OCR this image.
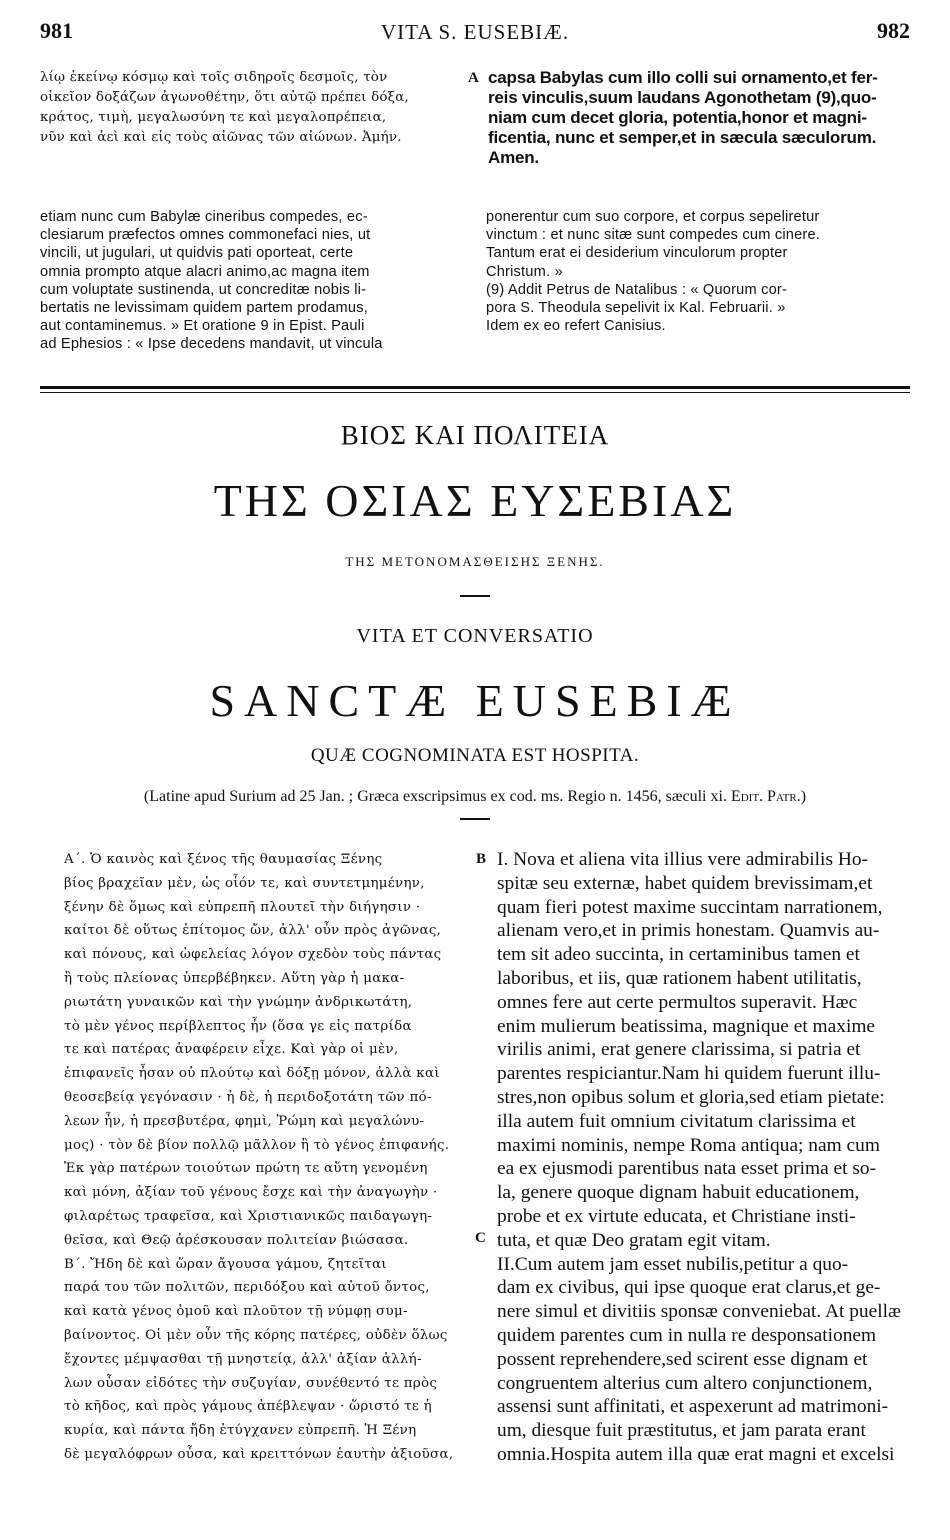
981	VITA S. EUSEBIÆ.	982
λίῳ ἐκείνῳ κόσμῳ καὶ τοῖς σιδηροῖς δεσμοῖς, τὸν
οἰκεῖον δοξάζων ἀγωνοθέτην, ὅτι αὐτῷ πρέπει δόξα,
κράτος, τιμὴ, μεγαλωσύνη τε καὶ μεγαλοπρέπεια,
νῦν καὶ ἀεὶ καὶ εἰς τοὺς αἰῶνας τῶν αἰώνων. Ἀμήν.
capsa Babylas cum illo colli sui ornamento,et fer-
reis vinculis,suum laudans Agonothetam (9),quo-
niam cum decet gloria, potentia,honor et magni-
ficentia, nunc et semper,et in sæcula sæculorum.
Amen.
etiam nunc cum Babylæ cineribus compedes, ec-
clesiarum præfectos omnes commonefaci nies, ut
vincili, ut jugulari, ut quidvis pati oporteat, certe
omnia prompto atque alacri animo,ac magna item
cum voluptate sustinenda, ut concreditæ nobis li-
bertatis ne levissimam quidem partem prodamus,
aut contaminemus. » Et oratione 9 in Epist. Pauli
ad Ephesios : « Ipse decedens mandavit, ut vincula
ponerentur cum suo corpore, et corpus sepeliretur
vinctum : et nunc sitæ sunt compedes cum cinere.
Tantum erat ei desiderium vinculorum propter
Christum. »
(9) Addit Petrus de Natalibus : « Quorum cor-
pora S. Theodula sepelivit ix Kal. Februarii. »
Idem ex eo refert Canisius.
ΒΙΟΣ ΚΑΙ ΠΟΛΙΤΕΙΑ
ΤΗΣ ΟΣΙΑΣ ΕΥΣΕΒΙΑΣ
ΤΗΣ ΜΕΤΟΝΟΜΑΣΘΕΙΣΗΣ ΞΕΝΗΣ.
VITA ET CONVERSATIO
SANCTÆ EUSEBIÆ
QUÆ COGNOMINATA EST HOSPITA.
(Latine apud Surium ad 25 Jan. ; Græca exscripsimus ex cod. ms. Regio n. 1456, sæculi xi. Edit. Patr.)
Α΄. Ὁ καινὸς καὶ ξένος τῆς θαυμασίας Ξένης
βίος βραχεῖαν μὲν, ὡς οἷόν τε, καὶ συντετμημένην,
ξένην δὲ ὅμως καὶ εὐπρεπῆ πλουτεῖ τὴν διήγησιν ·
καίτοι δὲ οὕτως ἐπίτομος ὤν, ἀλλ' οὖν πρὸς ἀγῶνας,
καὶ πόνους, καὶ ὠφελείας λόγον σχεδὸν τοὺς πάντας
ἢ τοὺς πλείονας ὑπερβέβηκεν. Αὕτη γὰρ ἡ μακα-
ριωτάτη γυναικῶν καὶ τὴν γνώμην ἀνδρικωτάτη,
τὸ μὲν γένος περίβλεπτος ἦν (ὅσα γε εἰς πατρίδα
τε καὶ πατέρας ἀναφέρειν εἶχε. Καὶ γὰρ οἱ μὲν,
ἐπιφανεῖς ἦσαν οὐ πλούτῳ καὶ δόξῃ μόνον, ἀλλὰ καὶ
θεοσεβείᾳ γεγόνασιν · ἡ δὲ, ἡ περιδοξοτάτη τῶν πό-
λεων ἦν, ἡ πρεσβυτέρα, φημὶ, Ῥώμη καὶ μεγαλώνυ-
μος) · τὸν δὲ βίον πολλῷ μᾶλλον ἢ τὸ γένος ἐπιφανής.
Ἐκ γὰρ πατέρων τοιούτων πρώτη τε αὕτη γενομένη
καὶ μόνη, ἀξίαν τοῦ γένους ἔσχε καὶ τὴν ἀναγωγὴν ·
φιλαρέτως τραφεῖσα, καὶ Χριστιανικῶς παιδαγωγη-
θεῖσα, καὶ Θεῷ ἀρέσκουσαν πολιτείαν βιώσασα.
Β΄. Ἤδη δὲ καὶ ὥραν ἄγουσα γάμου, ζητεῖται
παρά του τῶν πολιτῶν, περιδόξου καὶ αὐτοῦ ὄντος,
καὶ κατὰ γένος ὁμοῦ καὶ πλοῦτον τῇ νύμφῃ συμ-
βαίνοντος. Οἱ μὲν οὖν τῆς κόρης πατέρες, οὐδὲν ὅλως
ἔχοντες μέμψασθαι τῇ μνηστείᾳ, ἀλλ' ἀξίαν ἀλλή-
λων οὖσαν εἰδότες τὴν συζυγίαν, συνέθεντό τε πρὸς
τὸ κῆδος, καὶ πρὸς γάμους ἀπέβλεψαν · ὥριστό τε ἡ
κυρία, καὶ πάντα ἤδη ἐτύγχανεν εὐπρεπῆ. Ἡ Ξένη
δὲ μεγαλόφρων οὖσα, καὶ κρειττόνων ἑαυτὴν ἀξιοῦσα,
I. Nova et aliena vita illius vere admirabilis Ho-
spitæ seu externæ, habet quidem brevissimam,et
quam fieri potest maxime succintam narrationem,
alienam vero,et in primis honestam. Quamvis au-
tem sit adeo succinta, in certaminibus tamen et
laboribus, et iis, quæ rationem habent utilitatis,
omnes fere aut certe permultos superavit. Hæc
enim mulierum beatissima, magnique et maxime
virilis animi, erat genere clarissima, si patria et
parentes respiciantur.Nam hi quidem fuerunt illu-
stres,non opibus solum et gloria,sed etiam pietate:
illa autem fuit omnium civitatum clarissima et
maximi nominis, nempe Roma antiqua; nam cum
ea ex ejusmodi parentibus nata esset prima et so-
la, genere quoque dignam habuit educationem,
probe et ex virtute educata, et Christiane insti-
tuta, et quæ Deo gratam egit vitam.
II.Cum autem jam esset nubilis,petitur a quo-
dam ex civibus, qui ipse quoque erat clarus,et ge-
nere simul et divitiis sponsæ conveniebat. At puellæ
quidem parentes cum in nulla re desponsationem
possent reprehendere,sed scirent esse dignam et
congruentem alterius cum altero conjunctionem,
assensi sunt affinitati, et aspexerunt ad matrimoni-
um, diesque fuit præstitutus, et jam parata erant
omnia.Hospita autem illa quæ erat magni et excelsi
A
B
C
